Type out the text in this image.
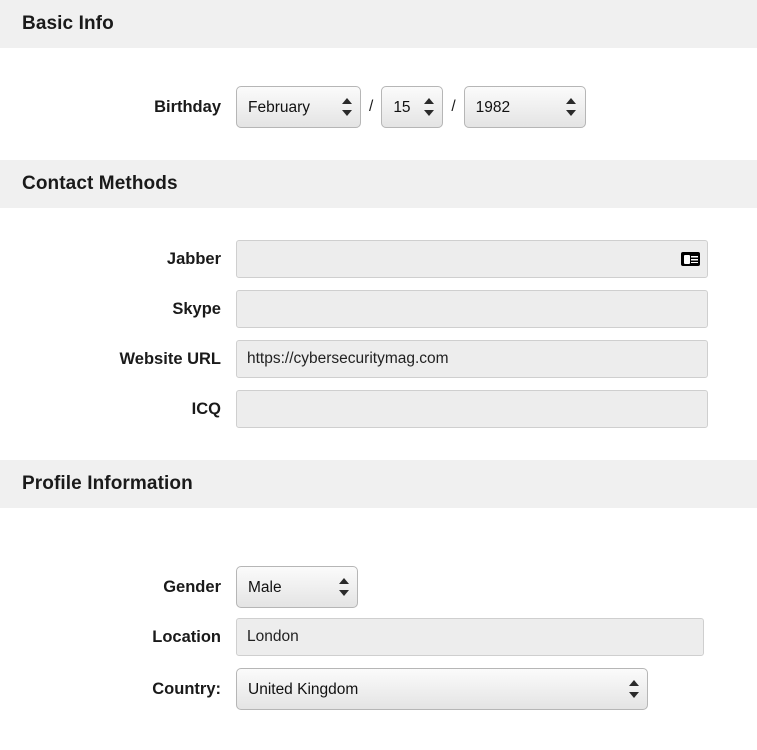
Basic Info
Birthday
February	/
15	/
1982
Contact Methods
Jabber
Skype
Website URL
https://cybersecuritymag.com
ICQ
Profile Information
Gender
Male
Location
London
Country:
United Kingdom
